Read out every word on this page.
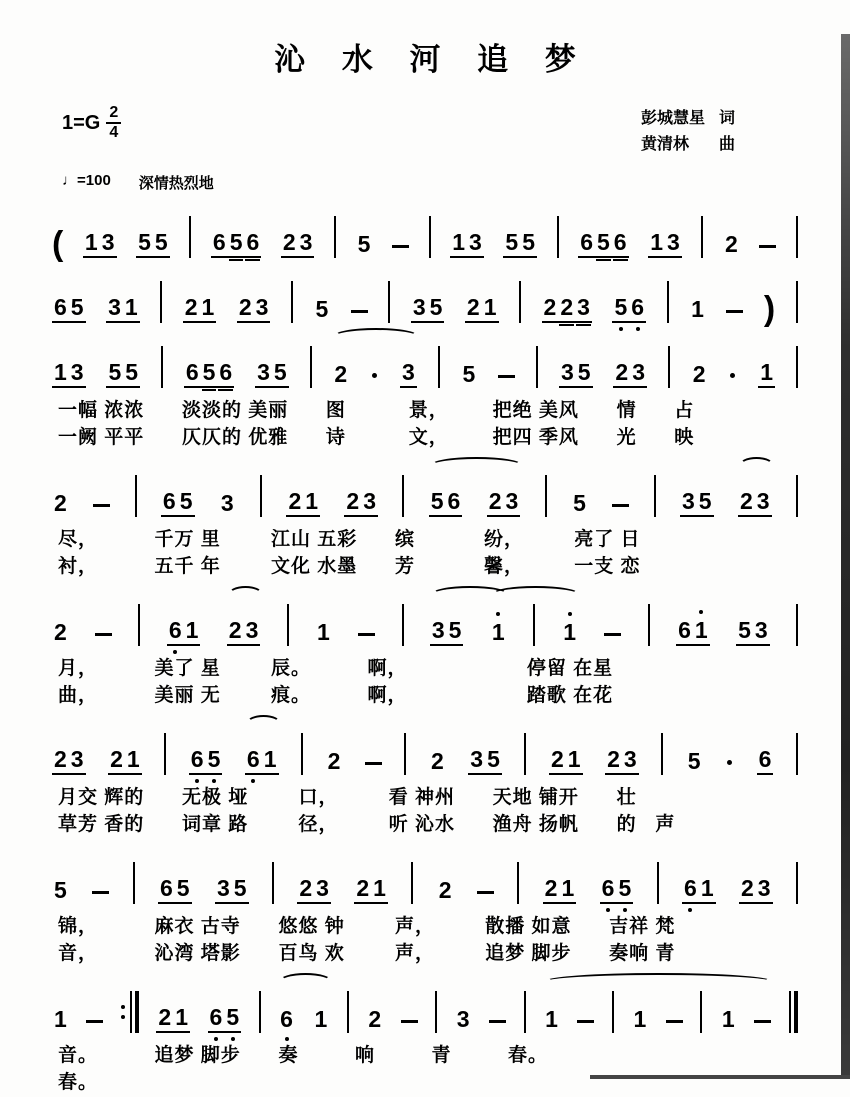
沁 水 河 追 梦
$1=G \frac{2}{4}$	彭城慧星 词
黄清林	曲
♩=100 深情热烈地
( 1 3 5 5 6 5 6 2 3 5	1 3 5 5 6 5 6 1 3 2
6 5 3 1 2 1 2 3 5	3 5 2 1 2 2 3 5 6 1 )
1 3 5 5 6 5 6 3 5 2 3 5	3 5 2 3 2 1
一幅 浓浓      淡淡的 美丽      图          景，       把绝 美风      情      占
一阙 平平      仄仄的 优雅      诗          文，       把四 季风      光      映
2	6 5 3 2 1 2 3 5 6 2 3 5	3 5 2 3
尽，         千万 里        江山 五彩      缤           纷，        亮了 日
衬，         五千 年        文化 水墨      芳           馨，        一支 恋
2	6 1 2 3	1	3 5 1	1	6 1 5 3
月，         美了 星        辰。         啊，                   停留 在星
曲，         美丽 无        痕。         啊，                   踏歌 在花
2 3 2 1 6 5 6 1 2	2 3 5 2 1 2 3 5	6
月交 辉的      无极 垭        口，        看 神州      天地 铺开      壮
草芳 香的      词章 路        径，        听 沁水      渔舟 扬帆      的   声
5	6 5 3 5 2 3 2 1 2	2 1 6 5 6 1 2 3
锦，         麻衣 古寺      悠悠 钟        声，        散播 如意      吉祥 梵
音，         沁湾 塔影      百鸟 欢        声，        追梦 脚步      奏响 青
1	2 1 6 5 6 1 2	3	1	1	1
音。         追梦 脚步      奏         响         青         春。
春。
